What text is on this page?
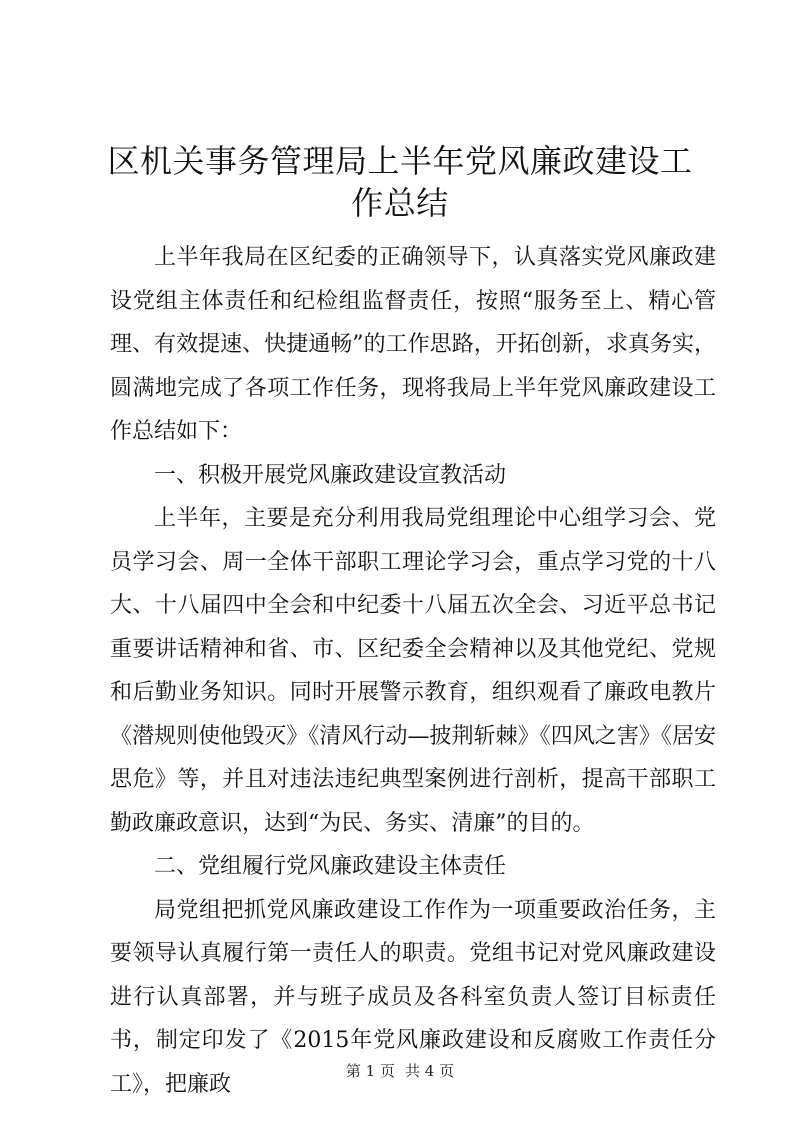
区机关事务管理局上半年党风廉政建设工作总结

上半年我局在区纪委的正确领导下，认真落实党风廉政建设党组主体责任和纪检组监督责任，按照“服务至上、精心管理、有效提速、快捷通畅”的工作思路，开拓创新，求真务实，圆满地完成了各项工作任务，现将我局上半年党风廉政建设工作总结如下：

一、积极开展党风廉政建设宣教活动

上半年，主要是充分利用我局党组理论中心组学习会、党员学习会、周一全体干部职工理论学习会，重点学习党的十八大、十八届四中全会和中纪委十八届五次全会、习近平总书记重要讲话精神和省、市、区纪委全会精神以及其他党纪、党规和后勤业务知识。同时开展警示教育，组织观看了廉政电教片《潜规则使他毁灭》《清风行动—披荆斩棘》《四风之害》《居安思危》等，并且对违法违纪典型案例进行剖析，提高干部职工勤政廉政意识，达到“为民、务实、清廉”的目的。

二、党组履行党风廉政建设主体责任

局党组把抓党风廉政建设工作作为一项重要政治任务，主要领导认真履行第一责任人的职责。党组书记对党风廉政建设进行认真部署，并与班子成员及各科室负责人签订目标责任书，制定印发了《2015年党风廉政建设和反腐败工作责任分工》，把廉政

第 1 页 共 4 页
